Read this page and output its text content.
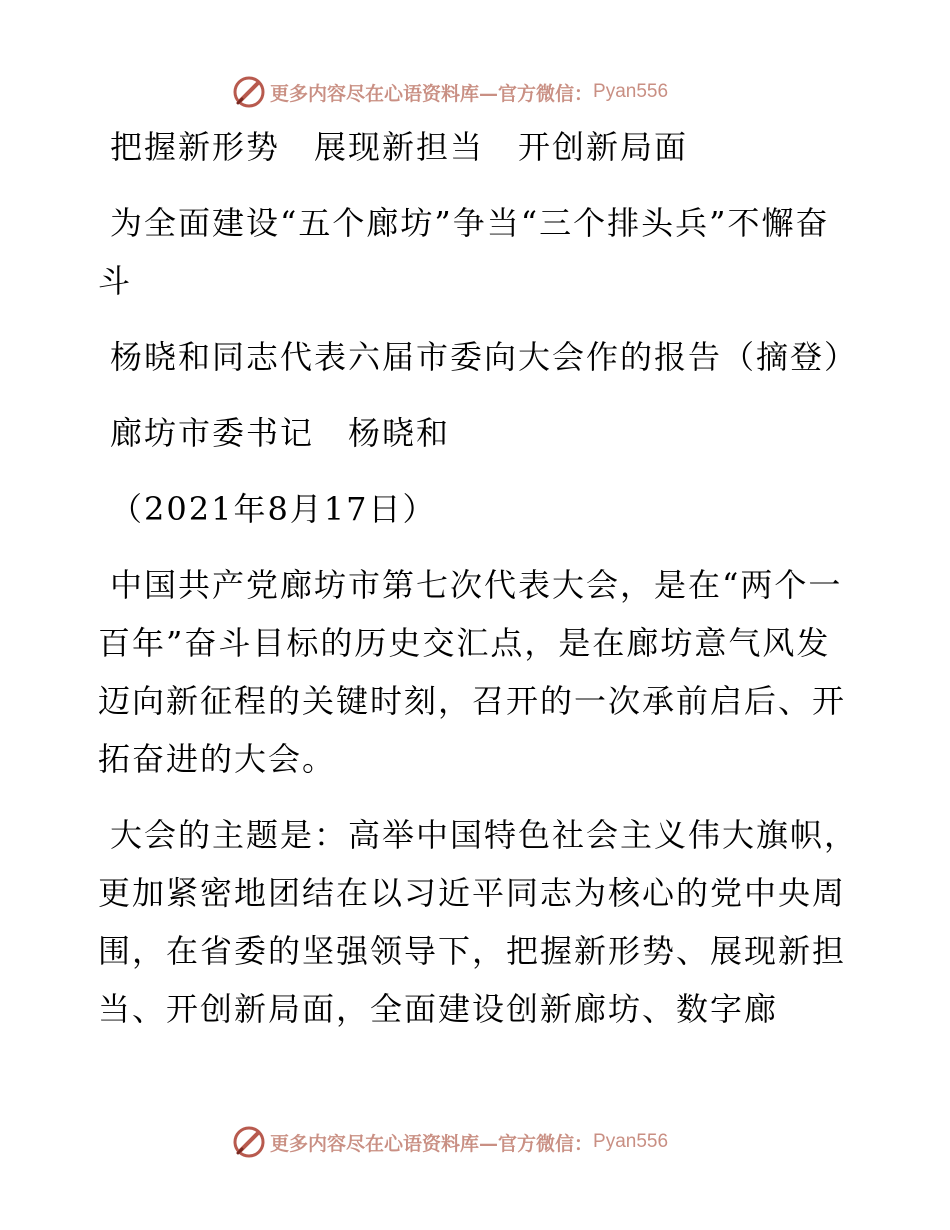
更多内容尽在心语资料库 —官方微信： Pyan556

把握新形势　展现新担当　开创新局面

为全面建设“五个廊坊”争当“三个排头兵”不懈奋斗

杨晓和同志代表六届市委向大会作的报告（摘登）

廊坊市委书记　杨晓和

（2021年8月17日）

中国共产党廊坊市第七次代表大会，是在“两个一百年”奋斗目标的历史交汇点，是在廊坊意气风发迈向新征程的关键时刻，召开的一次承前启后、开拓奋进的大会。

大会的主题是：高举中国特色社会主义伟大旗帜，更加紧密地团结在以习近平同志为核心的党中央周围，在省委的坚强领导下，把握新形势、展现新担当、开创新局面，全面建设创新廊坊、数字廊

更多内容尽在心语资料库 —官方微信： Pyan556
